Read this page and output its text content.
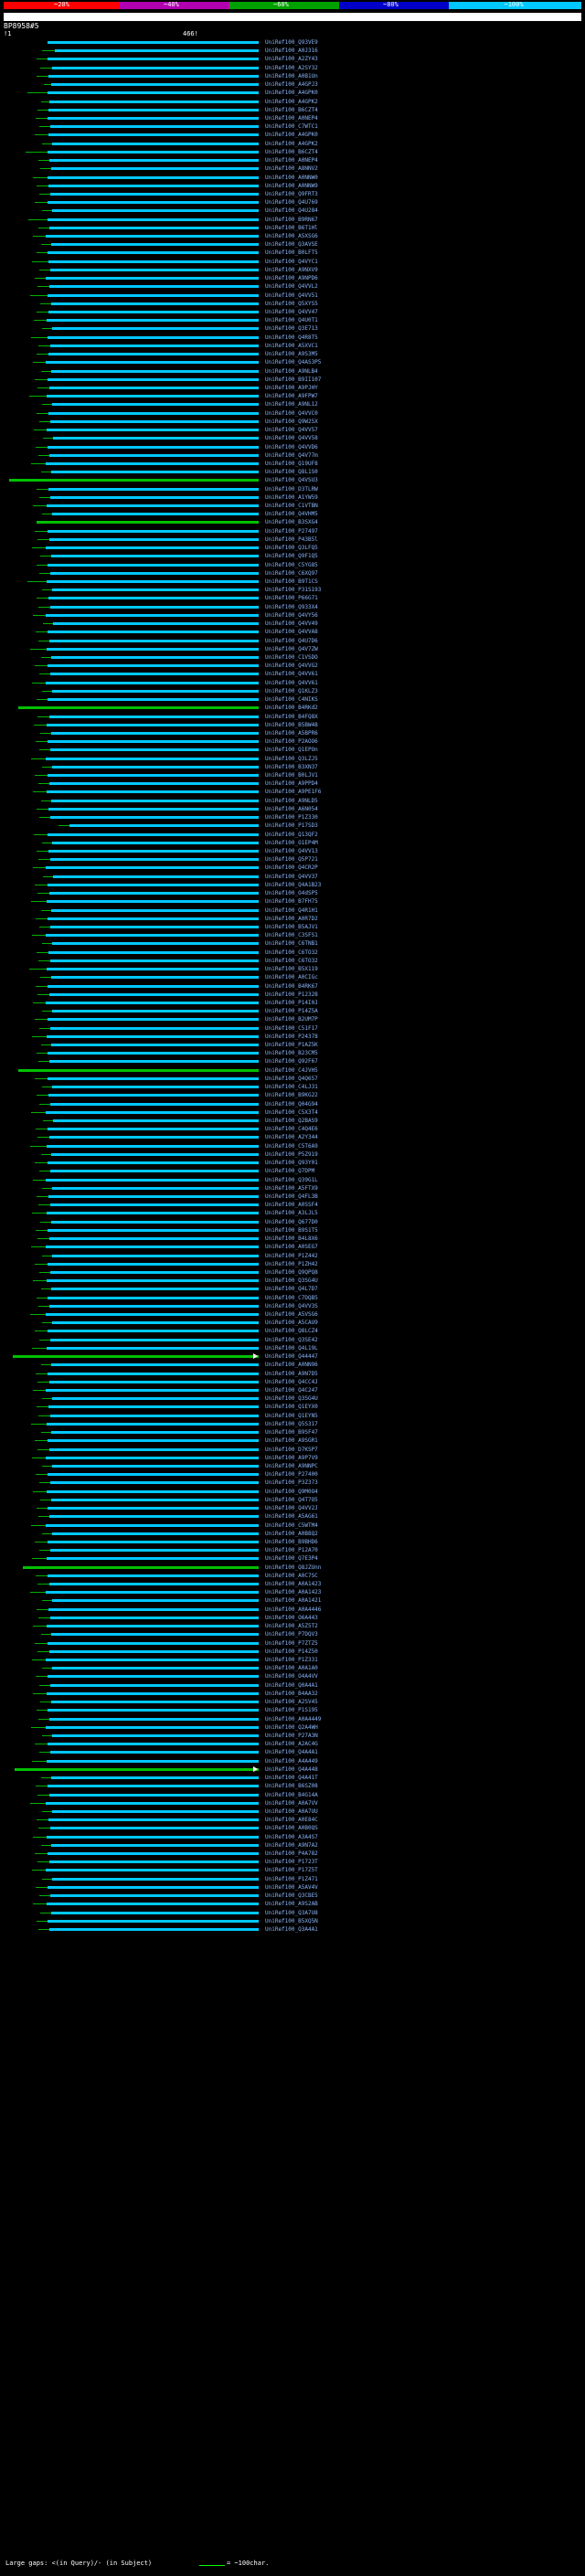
~20%	~40%	~60%	~80%	~100%
BP8958#5
!1	466!
UniRef100_Q93VE9
UniRef100_A0J316
UniRef100_A2ZY43
UniRef100_A2SY32
UniRef100_A0B1Un
UniRef100_A4GPJ3
UniRef100_A4GPK0
UniRef100_A4GPK2
UniRef100_B6CZT4
UniRef100_A0NEP4
UniRef100_C7WTC1
UniRef100_A4GPK0
UniRef100_A4GPK2
UniRef100_B6CZT4
UniRef100_A0NEP4
UniRef100_A8NNV2
UniRef100_A0NNW0
UniRef100_A0NNW9
UniRef100_Q9FRT3
UniRef100_Q4U769
UniRef100_Q4U284
UniRef100_B9RN67
UniRef100_B6T1Hl
UniRef100_A5XSG6
UniRef100_Q3AVSE
UniRef100_B0LFT5
UniRef100_Q4VYC1
UniRef100_A9NXV9
UniRef100_A9NPD6
UniRef100_Q4VVL2
UniRef100_Q4VV51
UniRef100_Q5XYS5
UniRef100_Q4VV47
UniRef100_Q4U0T1
UniRef100_Q3E713
UniRef100_Q4R8T5
UniRef100_A5XVC1
UniRef100_A9S3M5
UniRef100_Q4AS3P5
UniRef100_A9NLB4
UniRef100_B9II107
UniRef100_A9PJHY
UniRef100_A9FPW7
UniRef100_A9NL12
UniRef100_Q4VVC0
UniRef100_Q9W25X
UniRef100_Q4VV57
UniRef100_Q4VV58
UniRef100_Q4VVD6
UniRef100_Q4V77m
UniRef100_Q19UF8
UniRef100_Q8L1S0
UniRef100_Q4VSU3
UniRef100_D3TLRW
UniRef100_A1YW59
UniRef100_C1VTBN
UniRef100_Q4VHM5
UniRef100_B3SXG4
UniRef100_P27497
UniRef100_P43B5l
UniRef100_Q3LFQ5
UniRef100_Q9F1Q5
UniRef100_C5YG85
UniRef100_C6XQ97
UniRef100_B9T1CS
UniRef100_P31S193
UniRef100_P66G71
UniRef100_Q933X4
UniRef100_Q4VY56
UniRef100_Q4VV49
UniRef100_Q4VVA8
UniRef100_Q4U7D6
UniRef100_Q4V7ZW
UniRef100_C1VSDO
UniRef100_Q4VVG2
UniRef100_Q4VV61
UniRef100_Q4VV61
UniRef100_Q1KLZ3
UniRef100_C4NIKS
UniRef100_B4RKd2
UniRef100_B4FQ8X
UniRef100_B5BW48
UniRef100_A5BPR6
UniRef100_P2AOO6
UniRef100_Q1EPOn
UniRef100_Q3LZJ5
UniRef100_B3XN37
UniRef100_B0LJV1
UniRef100_A9PPD4
UniRef100_A9PE1F6
UniRef100_A9NLD5
UniRef100_A6N054
UniRef100_P1Z330
UniRef100_P17SD3
UniRef100_Q13QF2
UniRef100_O1EP4M
UniRef100_Q4VV13
UniRef100_Q5P721
UniRef100_Q4CR2P
UniRef100_Q4VV37
UniRef100_Q4A1B23
UniRef100_O4dSP5
UniRef100_B7FH75
UniRef100_Q4R1H1
UniRef100_A0R7D2
UniRef100_B5AJV1
UniRef100_C3SFS1
UniRef100_C6TNB1
UniRef100_C6TO32
UniRef100_C6TO32
UniRef100_B5X119
UniRef100_A0CIGc
UniRef100_B4RK67
UniRef100_P12328
UniRef100_P14I0J
UniRef100_P14Z5A
UniRef100_B2UM7P
UniRef100_C51F17
UniRef100_P24378
UniRef100_P1AZ5K
UniRef100_B23CM5
UniRef100_Q92F67
UniRef100_C4JVH5
UniRef100_Q4Q657
UniRef100_C4LJ31
UniRef100_B9KG22
UniRef100_Q04G94
UniRef100_C5X3T4
UniRef100_Q2BAS9
UniRef100_C4Q4E6
UniRef100_A2Y344
UniRef100_C5T6A9
UniRef100_P5Z919
UniRef100_Q93Y01
UniRef100_Q7DPM
UniRef100_Q39G1L
UniRef100_A5FTX9
UniRef100_Q4FL3B
UniRef100_A0SSF4
UniRef100_A3LJL5
UniRef100_Q677D0
UniRef100_B9S1T5
UniRef100_B4L8X6
UniRef100_A0SEG7
UniRef100_P1Z442
UniRef100_P1ZH42
UniRef100_Q9QPQ8
UniRef100_Q3SG4U
UniRef100_Q4L7D7
UniRef100_C7DQB5
UniRef100_Q4VV3S
UniRef100_A5VSG6
UniRef100_A5CAU9
UniRef100_Q8LCZ4
UniRef100_Q3SE42
UniRef100_Q4L19L
UniRef100_Q44447
UniRef100_A0NN96
UniRef100_A9N7D5
UniRef100_Q4CC4J
UniRef100_Q4C247
UniRef100_Q3SG4U
UniRef100_Q1EYX0
UniRef100_Q1EYN5
UniRef100_Q5S317
UniRef100_B9SF47
UniRef100_A9SGR1
UniRef100_D7KSP7
UniRef100_A9P7V9
UniRef100_A9NNPC
UniRef100_P27400
UniRef100_P3Z373
UniRef100_Q9M0O4
UniRef100_Q4T7O5
UniRef100_Q4VV2J
UniRef100_A5AG61
UniRef100_C5WTM4
UniRef100_A0B8Q2
UniRef100_B9BHD6
UniRef100_P12A70
UniRef100_Q7E3P4
UniRef100_Q8JZUnn
UniRef100_A0C7SC
UniRef100_A0A1423
UniRef100_A0A1423
UniRef100_A0A1421
UniRef100_A0A4446
UniRef100_O6A443
UniRef100_A5Z5T2
UniRef100_P7DQV3
UniRef100_P7ZTZ5
UniRef100_P14Z50
UniRef100_P1Z331
UniRef100_A0A1A0
UniRef100_O4A4VV
UniRef100_Q0A4A1
UniRef100_B4AA32
UniRef100_A2SV45
UniRef100_P1S195
UniRef100_A0A4449
UniRef100_Q2A4WH
UniRef100_P27A3N
UniRef100_A2AC4G
UniRef100_Q4A4A1
UniRef100_A4A449
UniRef100_Q4A448
UniRef100_Q4A41T
UniRef100_B6SZ08
UniRef100_B4G14A
UniRef100_A0A7VV
UniRef100_A0A7UU
UniRef100_A0E84C
UniRef100_A0B0QS
UniRef100_A3A4S7
UniRef100_A9N7A2
UniRef100_P4A782
UniRef100_P1723T
UniRef100_P17Z5T
UniRef100_P1Z471
UniRef100_A5AV4V
UniRef100_Q3CBE5
UniRef100_A9S2AB
UniRef100_Q3A7U8
UniRef100_B5XQ5N
UniRef100_Q3A4A1
Large gaps: <(in Query)/- (in Subject)	= ~100char.
